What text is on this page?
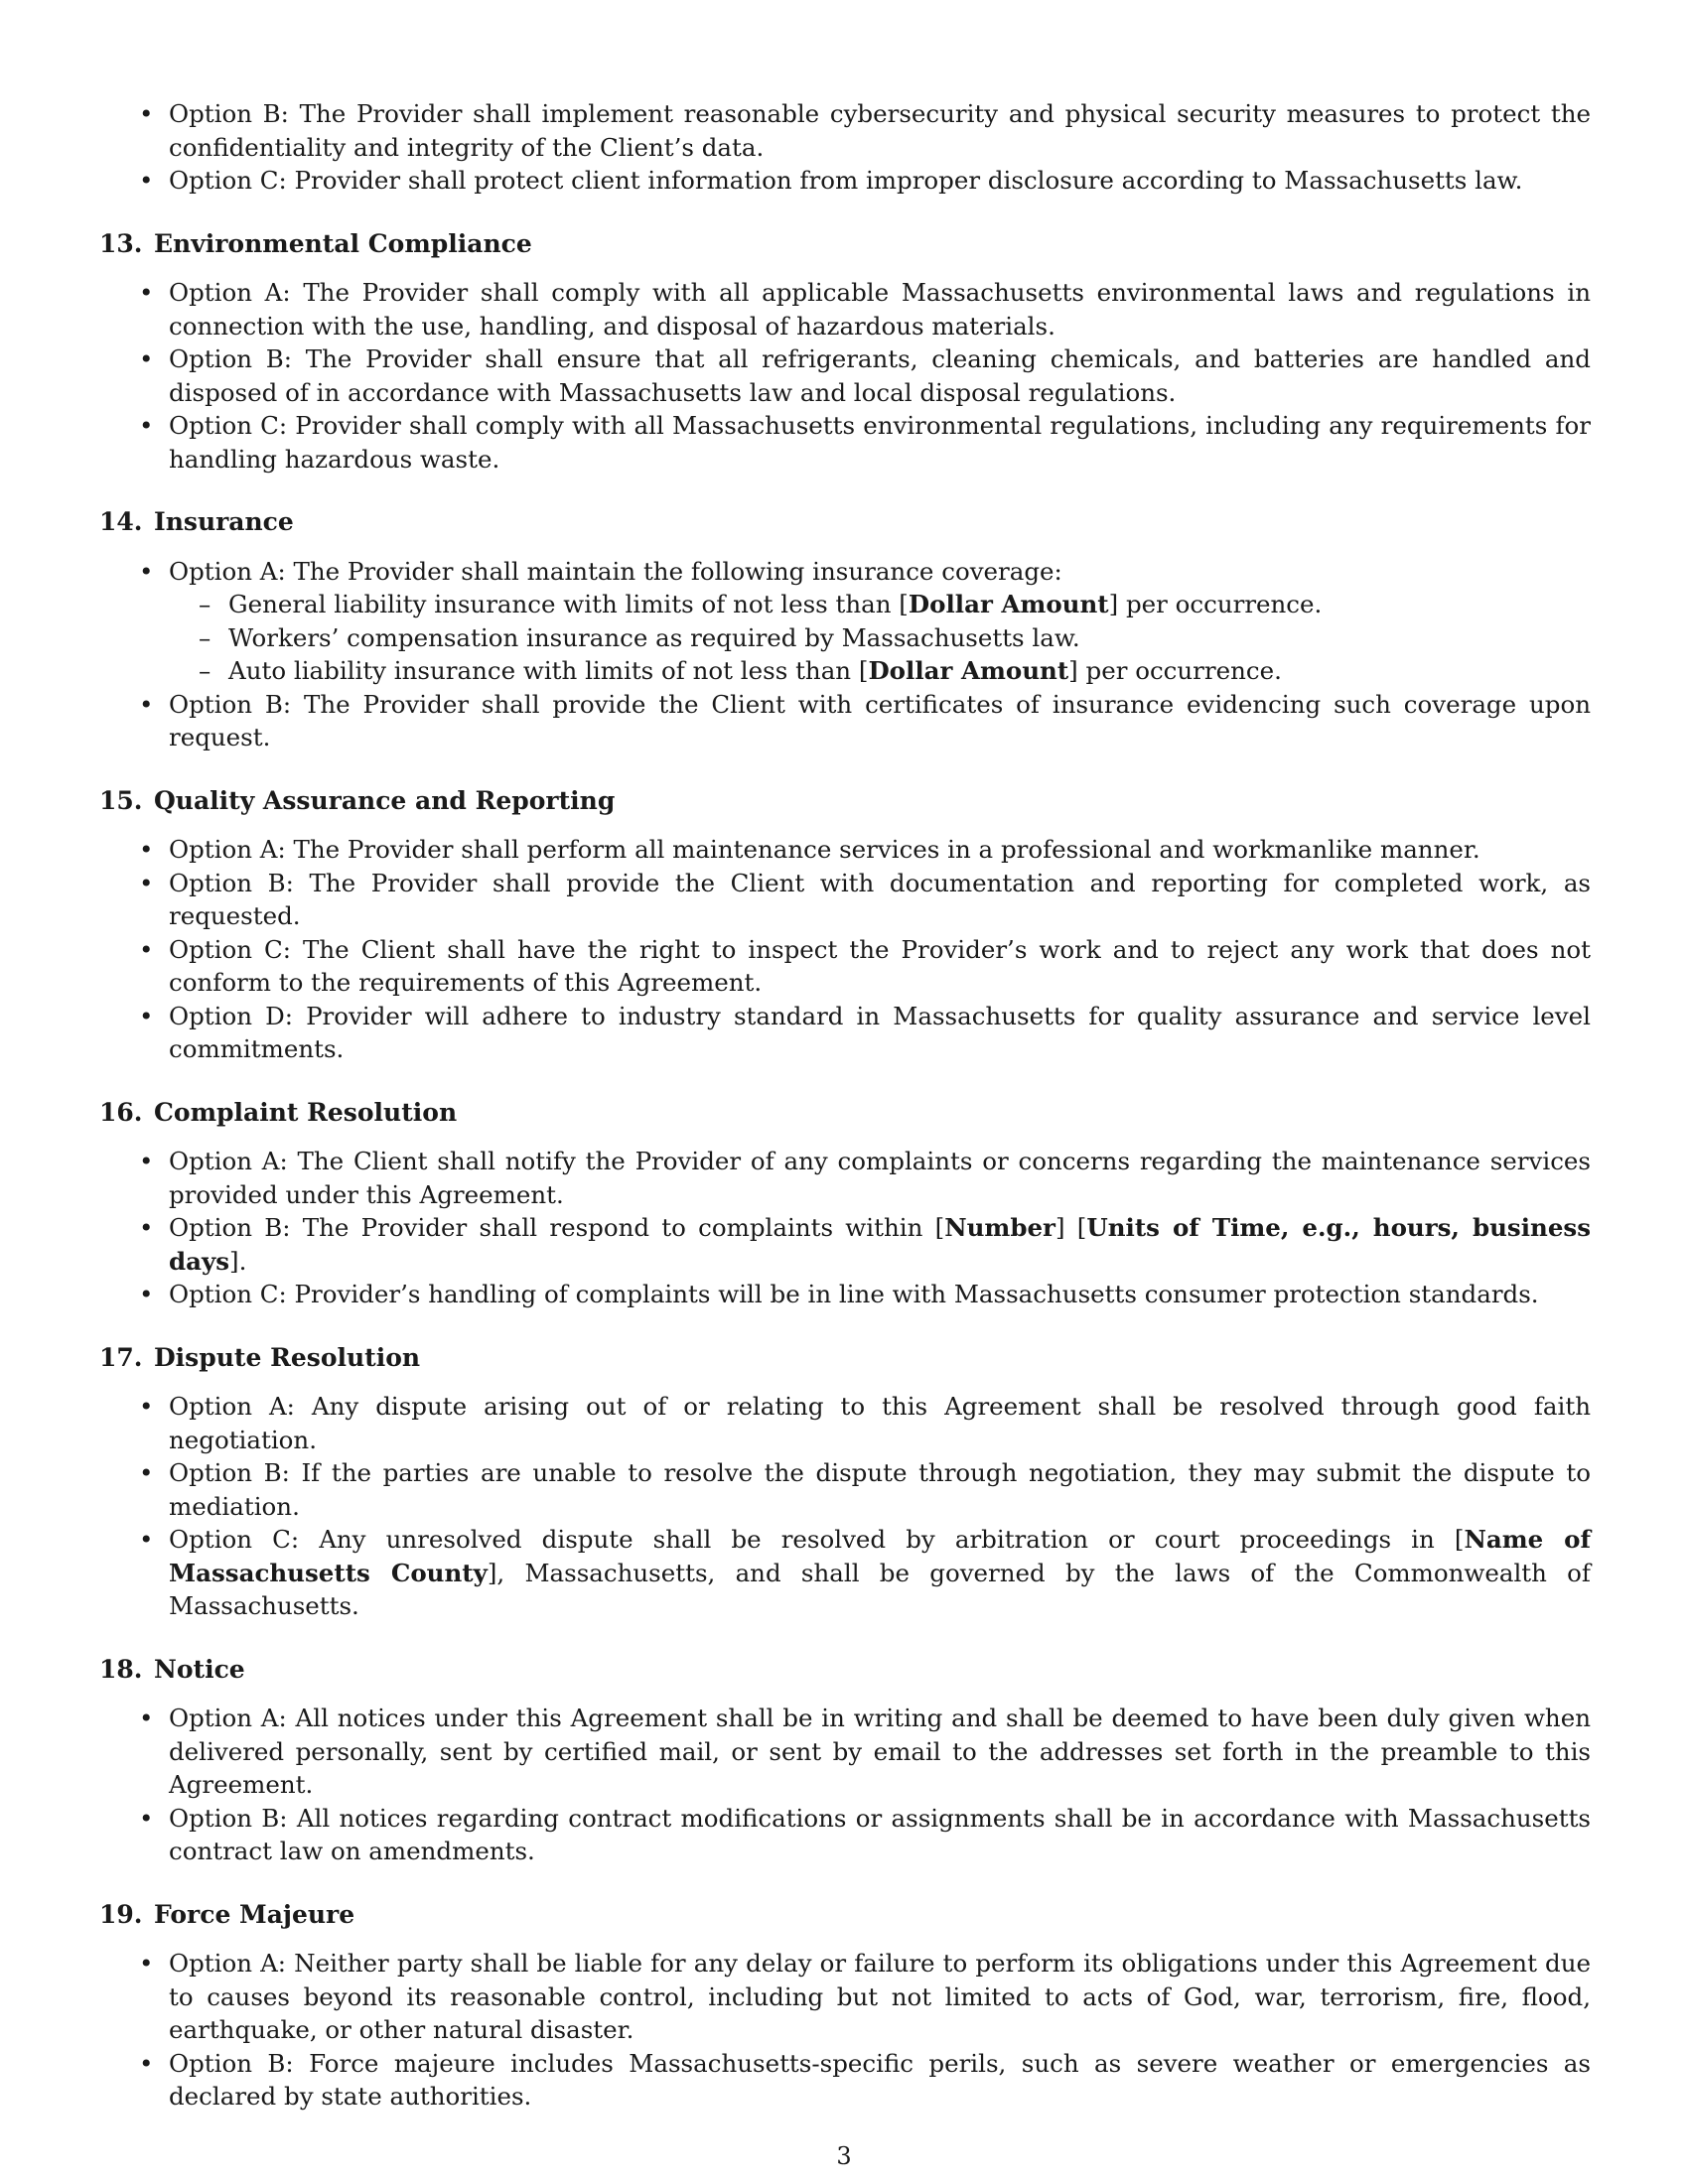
• Option B: The Provider shall implement reasonable cybersecurity and physical security measures to protect the confidentiality and integrity of the Client’s data.
• Option C: Provider shall protect client information from improper disclosure according to Massachusetts law.
13. Environmental Compliance
• Option A: The Provider shall comply with all applicable Massachusetts environmental laws and regulations in connection with the use, handling, and disposal of hazardous materials.
• Option B: The Provider shall ensure that all refrigerants, cleaning chemicals, and batteries are handled and disposed of in accordance with Massachusetts law and local disposal regulations.
• Option C: Provider shall comply with all Massachusetts environmental regulations, including any requirements for handling hazardous waste.
14. Insurance
• Option A: The Provider shall maintain the following insurance coverage:
– General liability insurance with limits of not less than [Dollar Amount] per occurrence.
– Workers’ compensation insurance as required by Massachusetts law.
– Auto liability insurance with limits of not less than [Dollar Amount] per occurrence.
• Option B: The Provider shall provide the Client with certificates of insurance evidencing such coverage upon request.
15. Quality Assurance and Reporting
• Option A: The Provider shall perform all maintenance services in a professional and workmanlike manner.
• Option B: The Provider shall provide the Client with documentation and reporting for completed work, as requested.
• Option C: The Client shall have the right to inspect the Provider’s work and to reject any work that does not conform to the requirements of this Agreement.
• Option D: Provider will adhere to industry standard in Massachusetts for quality assurance and service level commitments.
16. Complaint Resolution
• Option A: The Client shall notify the Provider of any complaints or concerns regarding the maintenance services provided under this Agreement.
• Option B: The Provider shall respond to complaints within [Number] [Units of Time, e.g., hours, business days].
• Option C: Provider’s handling of complaints will be in line with Massachusetts consumer protection standards.
17. Dispute Resolution
• Option A: Any dispute arising out of or relating to this Agreement shall be resolved through good faith negotiation.
• Option B: If the parties are unable to resolve the dispute through negotiation, they may submit the dispute to mediation.
• Option C: Any unresolved dispute shall be resolved by arbitration or court proceedings in [Name of Massachusetts County], Massachusetts, and shall be governed by the laws of the Commonwealth of Massachusetts.
18. Notice
• Option A: All notices under this Agreement shall be in writing and shall be deemed to have been duly given when delivered personally, sent by certified mail, or sent by email to the addresses set forth in the preamble to this Agreement.
• Option B: All notices regarding contract modifications or assignments shall be in accordance with Massachusetts contract law on amendments.
19. Force Majeure
• Option A: Neither party shall be liable for any delay or failure to perform its obligations under this Agreement due to causes beyond its reasonable control, including but not limited to acts of God, war, terrorism, fire, flood, earthquake, or other natural disaster.
• Option B: Force majeure includes Massachusetts-specific perils, such as severe weather or emergencies as declared by state authorities.
3
